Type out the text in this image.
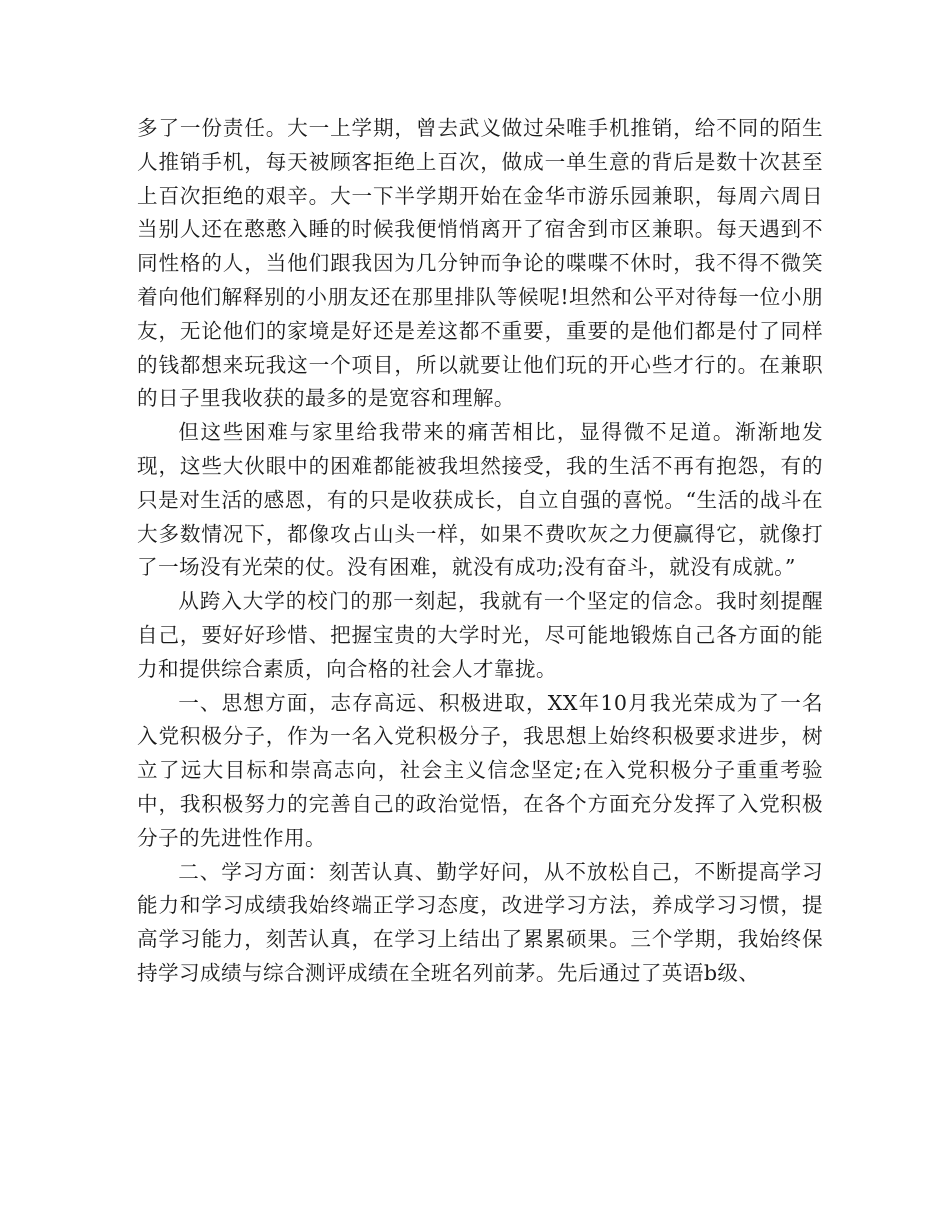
多了一份责任。大一上学期，曾去武义做过朵唯手机推销，给不同的陌生人推销手机，每天被顾客拒绝上百次，做成一单生意的背后是数十次甚至上百次拒绝的艰辛。大一下半学期开始在金华市游乐园兼职，每周六周日当别人还在憨憨入睡的时候我便悄悄离开了宿舍到市区兼职。每天遇到不同性格的人，当他们跟我因为几分钟而争论的喋喋不休时，我不得不微笑着向他们解释别的小朋友还在那里排队等候呢!坦然和公平对待每一位小朋友，无论他们的家境是好还是差这都不重要，重要的是他们都是付了同样的钱都想来玩我这一个项目，所以就要让他们玩的开心些才行的。在兼职的日子里我收获的最多的是宽容和理解。

但这些困难与家里给我带来的痛苦相比，显得微不足道。渐渐地发现，这些大伙眼中的困难都能被我坦然接受，我的生活不再有抱怨，有的只是对生活的感恩，有的只是收获成长，自立自强的喜悦。“生活的战斗在大多数情况下，都像攻占山头一样，如果不费吹灰之力便赢得它，就像打了一场没有光荣的仗。没有困难，就没有成功;没有奋斗，就没有成就。”

从跨入大学的校门的那一刻起，我就有一个坚定的信念。我时刻提醒自己，要好好珍惜、把握宝贵的大学时光，尽可能地锻炼自己各方面的能力和提供综合素质，向合格的社会人才靠拢。

一、思想方面，志存高远、积极进取，XX年10月我光荣成为了一名入党积极分子，作为一名入党积极分子，我思想上始终积极要求进步，树立了远大目标和崇高志向，社会主义信念坚定;在入党积极分子重重考验中，我积极努力的完善自己的政治觉悟，在各个方面充分发挥了入党积极分子的先进性作用。

二、学习方面：刻苦认真、勤学好问，从不放松自己，不断提高学习能力和学习成绩我始终端正学习态度，改进学习方法，养成学习习惯，提高学习能力，刻苦认真，在学习上结出了累累硕果。三个学期，我始终保持学习成绩与综合测评成绩在全班名列前茅。先后通过了英语b级、
